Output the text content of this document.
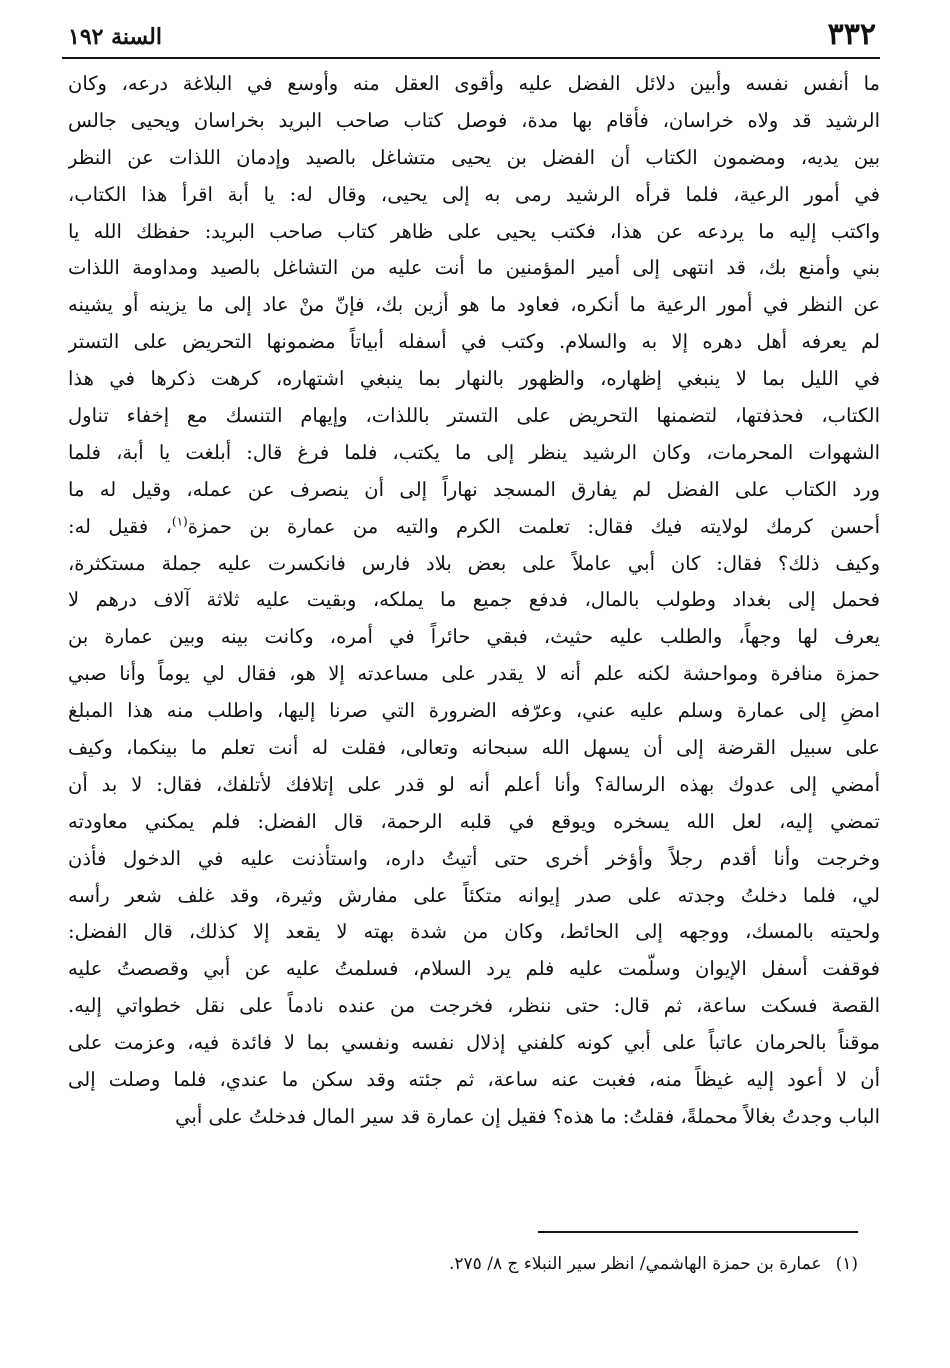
٣٣٢
السنة ١٩٢
ما أنفس نفسه وأبين دلائل الفضل عليه وأقوى العقل منه وأوسع في البلاغة درعه، وكان
الرشيد قد ولاه خراسان، فأقام بها مدة، فوصل كتاب صاحب البريد بخراسان ويحيى جالس
بين يديه، ومضمون الكتاب أن الفضل بن يحيى متشاغل بالصيد وإدمان اللذات عن النظر
في أمور الرعية، فلما قرأه الرشيد رمى به إلى يحيى، وقال له: يا أبة اقرأ هذا الكتاب،
واكتب إليه ما يردعه عن هذا، فكتب يحيى على ظاهر كتاب صاحب البريد: حفظك الله يا
بني وأمنع بك، قد انتهى إلى أمير المؤمنين ما أنت عليه من التشاغل بالصيد ومداومة اللذات
عن النظر في أمور الرعية ما أنكره، فعاود ما هو أزين بك، فإنّ منْ عاد إلى ما يزينه أو يشينه
لم يعرفه أهل دهره إلا به والسلام. وكتب في أسفله أبياتاً مضمونها التحريض على التستر
في الليل بما لا ينبغي إظهاره، والظهور بالنهار بما ينبغي اشتهاره، كرهت ذكرها في هذا
الكتاب، فحذفتها، لتضمنها التحريض على التستر باللذات، وإيهام التنسك مع إخفاء تناول
الشهوات المحرمات، وكان الرشيد ينظر إلى ما يكتب، فلما فرغ قال: أبلغت يا أبة، فلما
ورد الكتاب على الفضل لم يفارق المسجد نهاراً إلى أن ينصرف عن عمله، وقيل له ما
أحسن كرمك لولايته فيك فقال: تعلمت الكرم والتيه من عمارة بن حمزة$^{(١)}$، فقيل له:
وكيف ذلك؟ فقال: كان أبي عاملاً على بعض بلاد فارس فانكسرت عليه جملة مستكثرة،
فحمل إلى بغداد وطولب بالمال، فدفع جميع ما يملكه، وبقيت عليه ثلاثة آلاف درهم لا
يعرف لها وجهاً، والطلب عليه حثيث، فبقي حائراً في أمره، وكانت بينه وبين عمارة بن
حمزة منافرة ومواحشة لكنه علم أنه لا يقدر على مساعدته إلا هو، فقال لي يوماً وأنا صبي
امضِ إلى عمارة وسلم عليه عني، وعرّفه الضرورة التي صرنا إليها، واطلب منه هذا المبلغ
على سبيل القرضة إلى أن يسهل الله سبحانه وتعالى، فقلت له أنت تعلم ما بينكما، وكيف
أمضي إلى عدوك بهذه الرسالة؟ وأنا أعلم أنه لو قدر على إتلافك لأتلفك، فقال: لا بد أن
تمضي إليه، لعل الله يسخره ويوقع في قلبه الرحمة، قال الفضل: فلم يمكني معاودته
وخرجت وأنا أقدم رجلاً وأؤخر أخرى حتى أتيتُ داره، واستأذنت عليه في الدخول فأذن
لي، فلما دخلتُ وجدته على صدر إيوانه متكئاً على مفارش وثيرة، وقد غلف شعر رأسه
ولحيته بالمسك، ووجهه إلى الحائط، وكان من شدة بهته لا يقعد إلا كذلك، قال الفضل:
فوقفت أسفل الإيوان وسلّمت عليه فلم يرد السلام، فسلمتُ عليه عن أبي وقصصتُ عليه
القصة فسكت ساعة، ثم قال: حتى ننظر، فخرجت من عنده نادماً على نقل خطواتي إليه.
موقناً بالحرمان عاتباً على أبي كونه كلفني إذلال نفسه ونفسي بما لا فائدة فيه، وعزمت على
أن لا أعود إليه غيظاً منه، فغبت عنه ساعة، ثم جئته وقد سكن ما عندي، فلما وصلت إلى
الباب وجدتُ بغالاً محملةً، فقلتُ: ما هذه؟ فقيل إن عمارة قد سير المال فدخلتُ على أبي
(١)عمارة بن حمزة الهاشمي/ انظر سير النبلاء ج ٨/ ٢٧٥.
